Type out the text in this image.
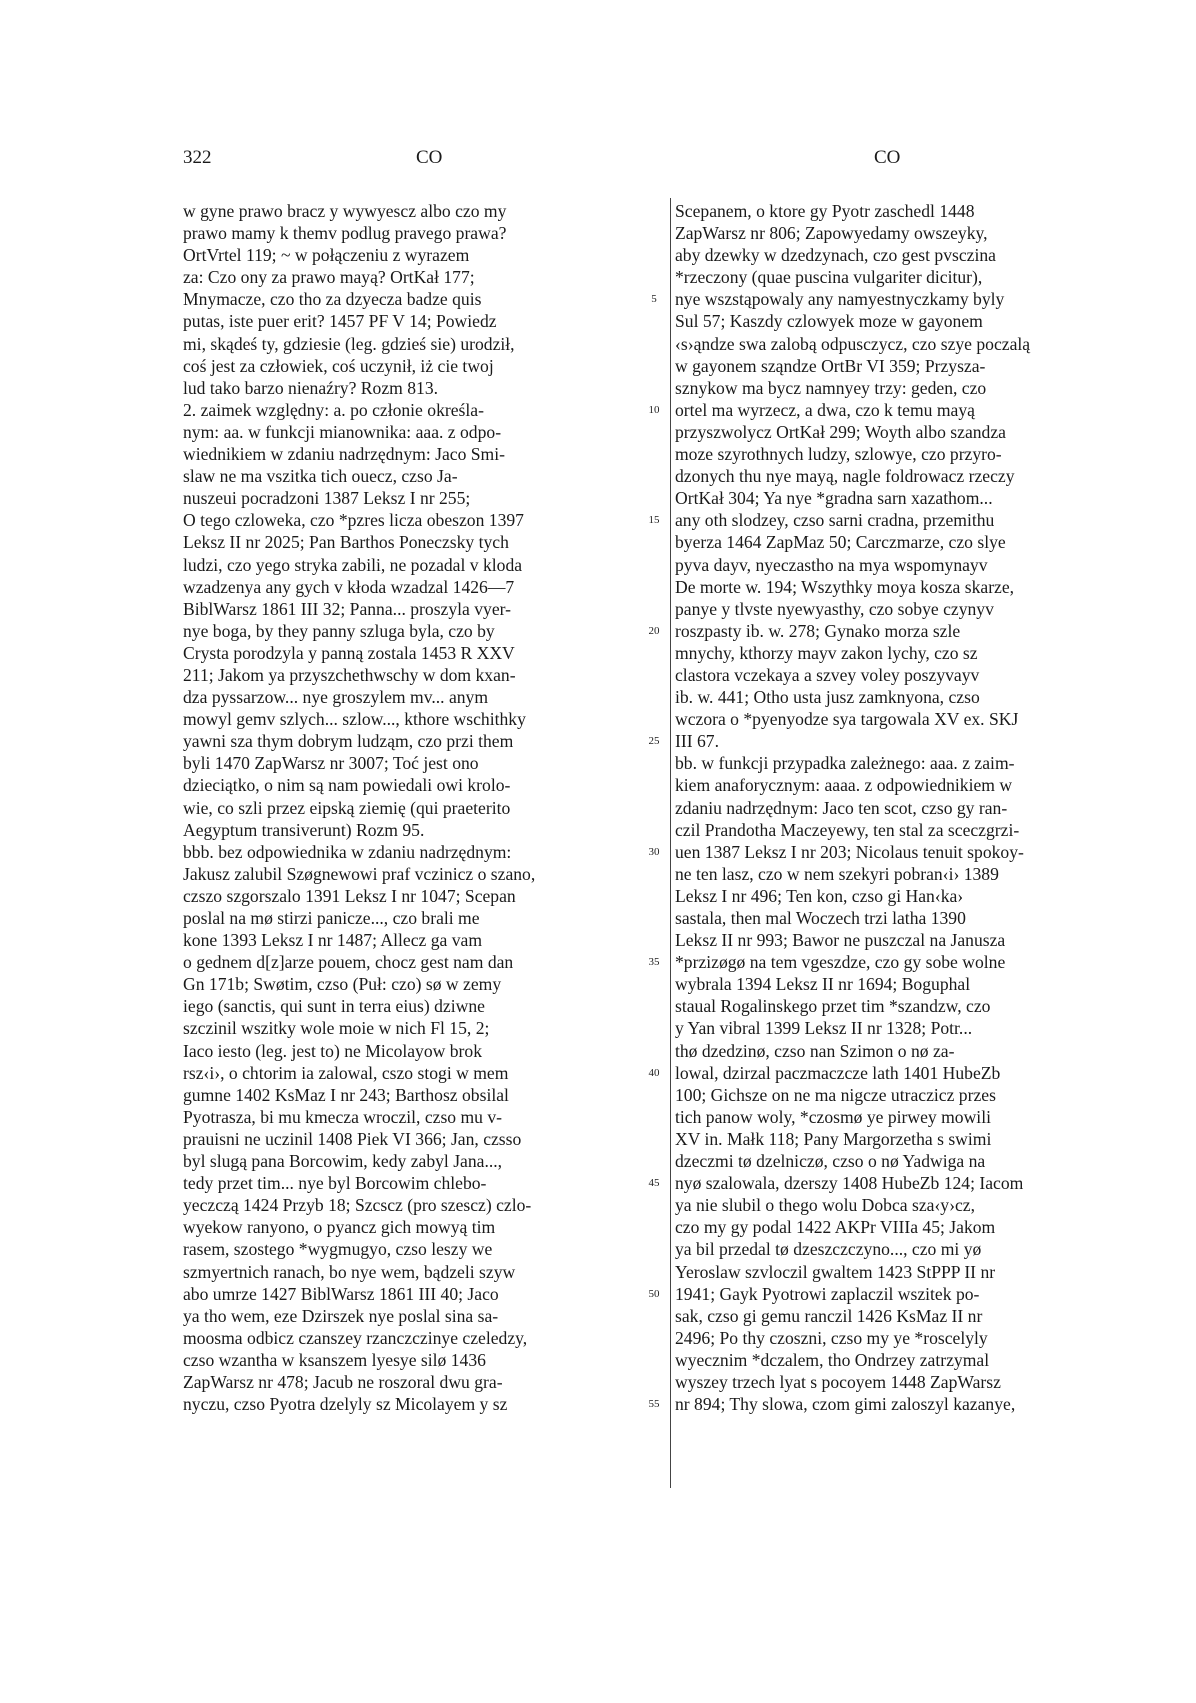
322	CO	CO
w gyne prawo bracz y wywyescz albo czo my
prawo mamy k themv podlug pravego prawa?
OrtVrtel 119; ~ w połączeniu z wyrazem
za: Czo ony za prawo mayą? OrtKał 177;
Mnymacze, czo tho za dzyecza badze quis
putas, iste puer erit? 1457 PF V 14; Powiedz
mi, skądeś ty, gdziesie (leg. gdzieś sie) urodził,
coś jest za człowiek, coś uczynił, iż cie twoj
lud tako barzo nienaźry? Rozm 813.
2. zaimek względny: a. po członie określa-
nym: aa. w funkcji mianownika: aaa. z odpo-
wiednikiem w zdaniu nadrzędnym: Jaco Smi-
slaw ne ma vszitka tich ouecz, czso Ja-
nuszeui pocradzoni 1387 Leksz I nr 255;
O tego czloweka, czo *pzres licza obeszon 1397
Leksz II nr 2025; Pan Barthos Poneczsky tych
ludzi, czo yego stryka zabili, ne pozadal v kloda
wzadzenya any gych v kłoda wzadzal 1426—7
BiblWarsz 1861 III 32; Panna... proszyla vyer-
nye boga, by they panny szluga byla, czo by
Crysta porodzyla y panną zostala 1453 R XXV
211; Jakom ya przyszchethwschy w dom kxan-
dza pyssarzow... nye groszylem mv... anym
mowyl gemv szlych... szlow..., kthore wschithky
yawni sza thym dobrym ludząm, czo przi them
byli 1470 ZapWarsz nr 3007; Toć jest ono
dzieciątko, o nim są nam powiedali owi krolo-
wie, co szli przez eipską ziemię (qui praeterito
Aegyptum transiverunt) Rozm 95.
bbb. bez odpowiednika w zdaniu nadrzędnym:
Jakusz zalubil Szøgnewowi praf vczinicz o szano,
czszo szgorszalo 1391 Leksz I nr 1047; Scepan
poslal na mø stirzi panicze..., czo brali me
kone 1393 Leksz I nr 1487; Allecz ga vam
o gednem d[z]arze pouem, chocz gest nam dan
Gn 171b; Swøtim, czso (Puł: czo) sø w zemy
iego (sanctis, qui sunt in terra eius) dziwne
szczinil wszitky wole moie w nich Fl 15, 2;
Iaco iesto (leg. jest to) ne Micolayow brok
rsz‹i›, o chtorim ia zalowal, cszo stogi w mem
gumne 1402 KsMaz I nr 243; Barthosz obsilal
Pyotrasza, bi mu kmecza wroczil, czso mu v-
prauisni ne uczinil 1408 Piek VI 366; Jan, czsso
byl slugą pana Borcowim, kedy zabyl Jana...,
tedy przet tim... nye byl Borcowim chlebo-
yeczczą 1424 Przyb 18; Szcscz (pro szescz) czlo-
wyekow ranyono, o pyancz gich mowyą tim
rasem, szostego *wygmugyo, czso leszy we
szmyertnich ranach, bo nye wem, bądzeli szyw
abo umrze 1427 BiblWarsz 1861 III 40; Jaco
ya tho wem, eze Dzirszek nye poslal sina sa-
moosma odbicz czanszey rzanczczinye czeledzy,
czso wzantha w ksanszem lyesye silø 1436
ZapWarsz nr 478; Jacub ne roszoral dwu gra-
nyczu, czso Pyotra dzelyly sz Micolayem y sz
5
10
15
20
25
30
35
40
45
50
55
Scepanem, o ktore gy Pyotr zaschedl 1448
ZapWarsz nr 806; Zapowyedamy owszeyky,
aby dzewky w dzedzynach, czo gest pvsczina
*rzeczony (quae puscina vulgariter dicitur),
nye wszstąpowaly any namyestnyczkamy byly
Sul 57; Kaszdy czlowyek moze w gayonem
‹s›ąndze swa zalobą odpusczycz, czo szye poczalą
w gayonem sząndze OrtBr VI 359; Przysza-
sznykow ma bycz namnyey trzy: geden, czo
ortel ma wyrzecz, a dwa, czo k temu mayą
przyszwolycz OrtKał 299; Woyth albo szandza
moze szyrothnych ludzy, szlowye, czo przyro-
dzonych thu nye mayą, nagle foldrowacz rzeczy
OrtKał 304; Ya nye *gradna sarn xazathom...
any oth slodzey, czso sarni cradna, przemithu
byerza 1464 ZapMaz 50; Carczmarze, czo slye
pyva dayv, nyeczastho na mya wspomynayv
De morte w. 194; Wszythky moya kosza skarze,
panye y tlvste nyewyasthy, czo sobye czynyv
roszpasty ib. w. 278; Gynako morza szle
mnychy, kthorzy mayv zakon lychy, czo sz
clastora vczekaya a szvey voley poszyvayv
ib. w. 441; Otho usta jusz zamknyona, czso
wczora o *pyenyodze sya targowala XV ex. SKJ
III 67.
bb. w funkcji przypadka zależnego: aaa. z zaim-
kiem anaforycznym: aaaa. z odpowiednikiem w
zdaniu nadrzędnym: Jaco ten scot, czso gy ran-
czil Prandotha Maczeyewy, ten stal za sceczgrzi-
uen 1387 Leksz I nr 203; Nicolaus tenuit spokoy-
ne ten lasz, czo w nem szekyri pobran‹i› 1389
Leksz I nr 496; Ten kon, czso gi Han‹ka›
sastala, then mal Woczech trzi latha 1390
Leksz II nr 993; Bawor ne puszczal na Janusza
*przizøgø na tem vgeszdze, czo gy sobe wolne
wybrala 1394 Leksz II nr 1694; Boguphal
staual Rogalinskego przet tim *szandzw, czo
y Yan vibral 1399 Leksz II nr 1328; Potr...
thø dzedzinø, czso nan Szimon o nø za-
lowal, dzirzal paczmaczcze lath 1401 HubeZb
100; Gichsze on ne ma nigcze utraczicz przes
tich panow woly, *czosmø ye pirwey mowili
XV in. Małk 118; Pany Margorzetha s swimi
dzeczmi tø dzelniczø, czso o nø Yadwiga na
nyø szalowala, dzerszy 1408 HubeZb 124; Iacom
ya nie slubil o thego wolu Dobca sza‹y›cz,
czo my gy podal 1422 AKPr VIIIa 45; Jakom
ya bil przedal tø dzeszczczyno..., czo mi yø
Yeroslaw szvloczil gwaltem 1423 StPPP II nr
1941; Gayk Pyotrowi zaplaczil wszitek po-
sak, czso gi gemu ranczil 1426 KsMaz II nr
2496; Po thy czoszni, czso my ye *roscelyly
wyecznim *dczalem, tho Ondrzey zatrzymal
wyszey trzech lyat s pocoyem 1448 ZapWarsz
nr 894; Thy slowa, czom gimi zaloszyl kazanye,
